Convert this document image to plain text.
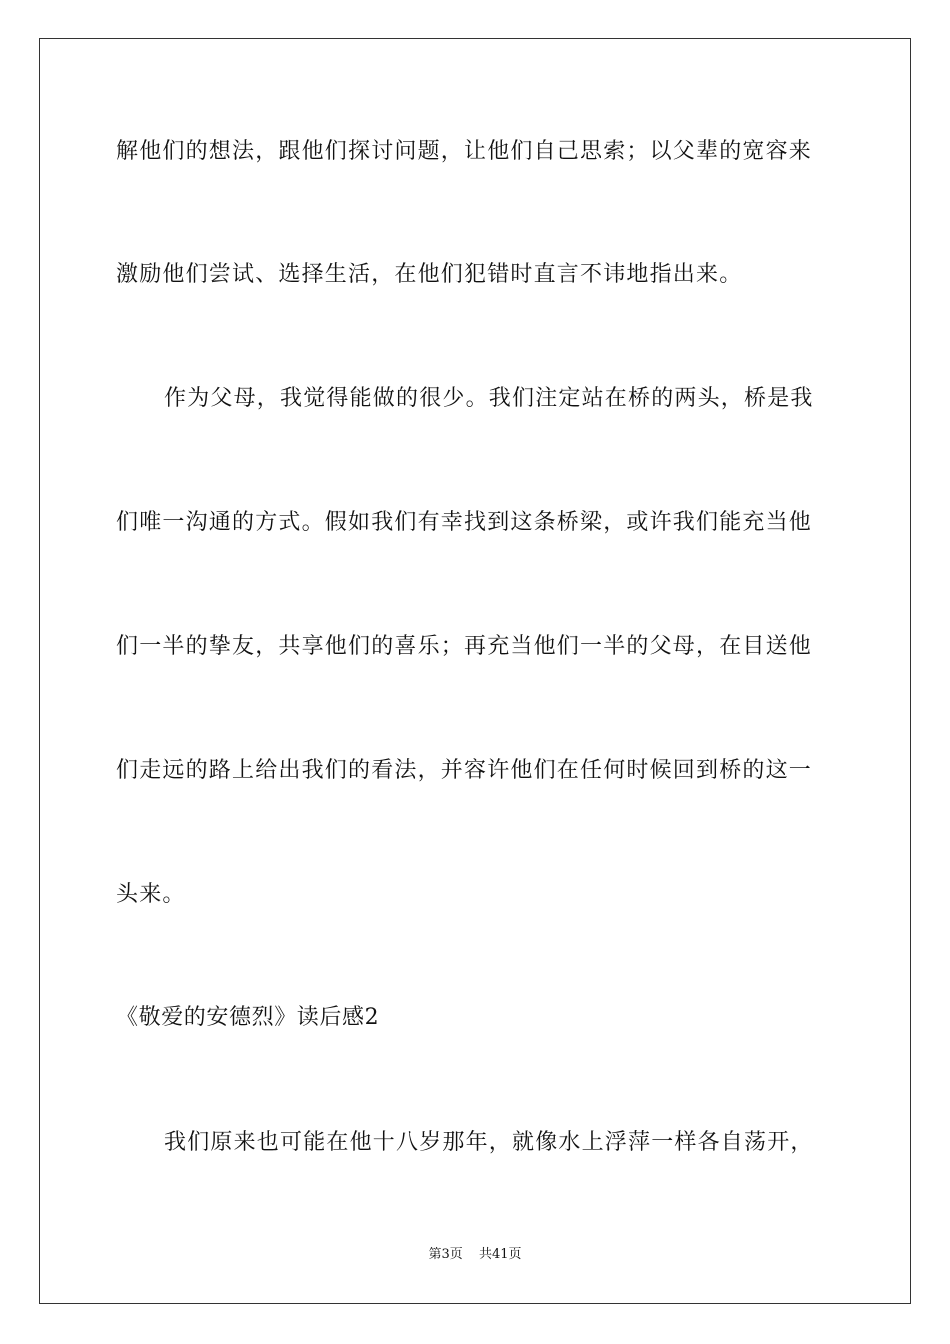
解他们的想法，跟他们探讨问题，让他们自己思索；以父辈的宽容来
激励他们尝试、选择生活，在他们犯错时直言不讳地指出来。
作为父母，我觉得能做的很少。我们注定站在桥的两头，桥是我
们唯一沟通的方式。假如我们有幸找到这条桥梁，或许我们能充当他
们一半的挚友，共享他们的喜乐；再充当他们一半的父母，在目送他
们走远的路上给出我们的看法，并容许他们在任何时候回到桥的这一
头来。
《敬爱的安德烈》读后感2
我们原来也可能在他十八岁那年，就像水上浮萍一样各自荡开，
第3页 共41页
